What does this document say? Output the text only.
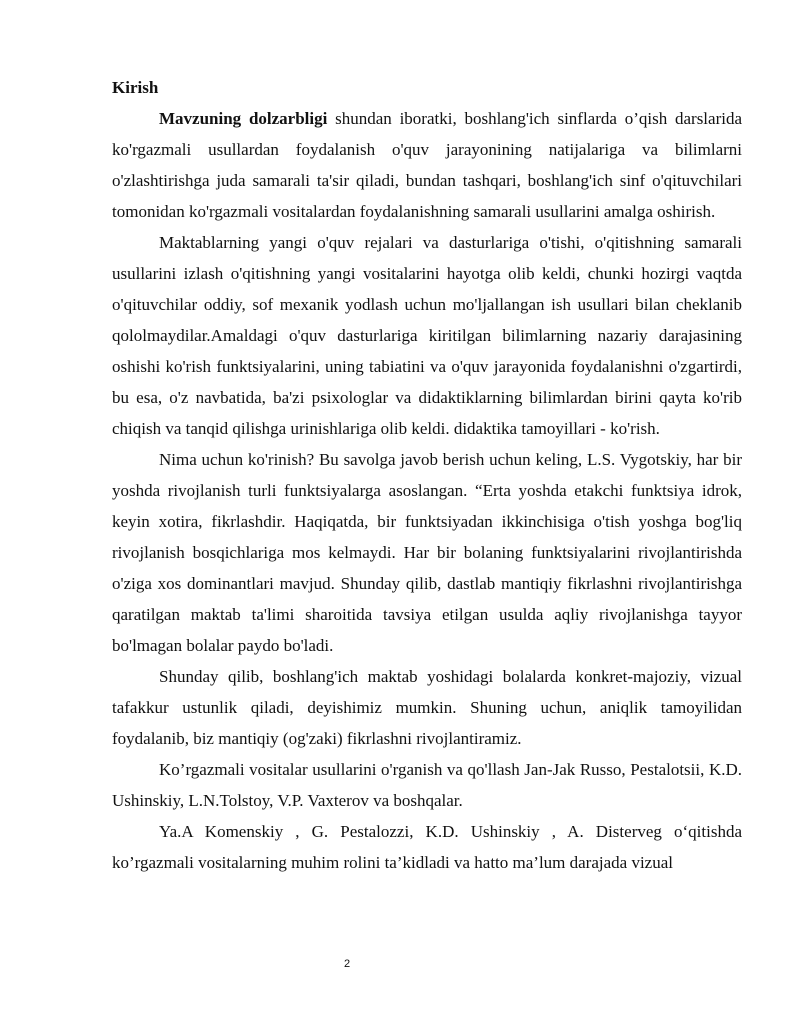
Kirish

Mavzuning dolzarbligi shundan iboratki, boshlang'ich sinflarda o’qish darslarida ko'rgazmali usullardan foydalanish o'quv jarayonining natijalariga va bilimlarni o'zlashtirishga juda samarali ta'sir qiladi, bundan tashqari, boshlang'ich sinf o'qituvchilari tomonidan ko'rgazmali vositalardan foydalanishning samarali usullarini amalga oshirish.

Maktablarning yangi o'quv rejalari va dasturlariga o'tishi, o'qitishning samarali usullarini izlash o'qitishning yangi vositalarini hayotga olib keldi, chunki hozirgi vaqtda o'qituvchilar oddiy, sof mexanik yodlash uchun mo'ljallangan ish usullari bilan cheklanib qololmaydilar.Amaldagi o'quv dasturlariga kiritilgan bilimlarning nazariy darajasining oshishi ko'rish funktsiyalarini, uning tabiatini va o'quv jarayonida foydalanishni o'zgartirdi, bu esa, o'z navbatida, ba'zi psixologlar va didaktiklarning bilimlardan birini qayta ko'rib chiqish va tanqid qilishga urinishlariga olib keldi. didaktika tamoyillari - ko'rish.

Nima uchun ko'rinish? Bu savolga javob berish uchun keling, L.S. Vygotskiy, har bir yoshda rivojlanish turli funktsiyalarga asoslangan. “Erta yoshda etakchi funktsiya idrok, keyin xotira, fikrlashdir. Haqiqatda, bir funktsiyadan ikkinchisiga o'tish yoshga bog'liq rivojlanish bosqichlariga mos kelmaydi. Har bir bolaning funktsiyalarini rivojlantirishda o'ziga xos dominantlari mavjud. Shunday qilib, dastlab mantiqiy fikrlashni rivojlantirishga qaratilgan maktab ta'limi sharoitida tavsiya etilgan usulda aqliy rivojlanishga tayyor bo'lmagan bolalar paydo bo'ladi.

Shunday qilib, boshlang'ich maktab yoshidagi bolalarda konkret-majoziy, vizual tafakkur ustunlik qiladi, deyishimiz mumkin. Shuning uchun, aniqlik tamoyilidan foydalanib, biz mantiqiy (og'zaki) fikrlashni rivojlantiramiz.

Ko’rgazmali vositalar usullarini o'rganish va qo'llash Jan-Jak Russo, Pestalotsii, K.D. Ushinskiy, L.N.Tolstoy, V.P. Vaxterov va boshqalar.

Ya.A Komenskiy , G. Pestalozzi, K.D. Ushinskiy , A. Disterveg o‘qitishda ko’rgazmali vositalarning muhim rolini ta’kidladi va hatto ma’lum darajada vizual

2
